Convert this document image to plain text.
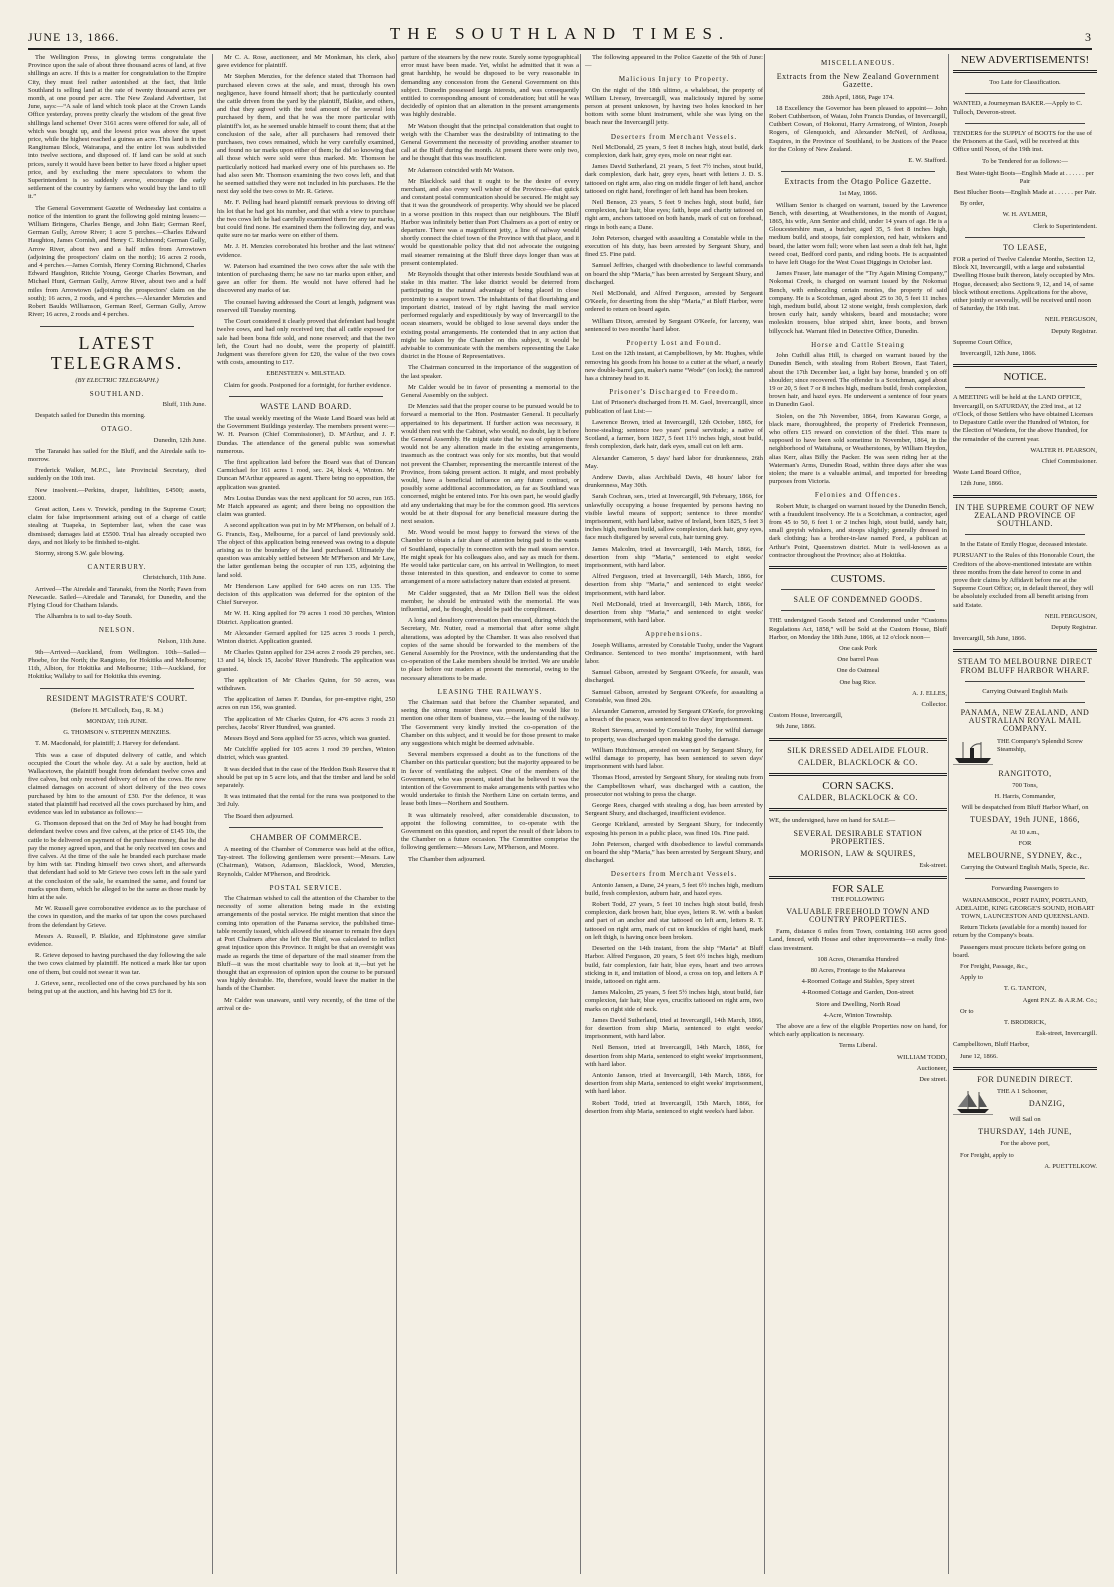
JUNE 13, 1866.	THE SOUTHLAND TIMES.	3

The Wellington Press, in glowing terms congratulate the Province upon the sale of about three thousand acres of land, at five shillings an acre. If this is a matter for congratulation to the Empire City, they must feel rather astonished at the fact, that little Southland is selling land at the rate of twenty thousand acres per month, at one pound per acre. The New Zealand Advertiser, 1st June, says:—“A sale of land which took place at the Crown Lands Office yesterday, proves pretty clearly the wisdom of the great five shillings land scheme! Over 3161 acres were offered for sale, all of which was bought up, and the lowest price was above the upset price, while the highest reached a guinea an acre. This land is in the Rangitumau Block, Wairarapa, and the entire lot was subdivided into twelve sections, and disposed of. If land can be sold at such prices, surely it would have been better to have fixed a higher upset price, and by excluding the mere speculators to whom the Superintendent is so suddenly averse, encourage the early settlement of the country by farmers who would buy the land to till it.”

The General Government Gazette of Wednesday last contains a notice of the intention to grant the following gold mining leases:—William Bringens, Charles Benge, and John Bair; German Reef, German Gully, Arrow River; 1 acre 5 perches.—Charles Edward Haughton, James Cornish, and Henry C. Richmond; German Gully, Arrow River, about two and a half miles from Arrowtown (adjoining the prospectors' claim on the north); 16 acres 2 roods, and 4 perches.—James Cornish, Henry Corning Richmond, Charles Edward Haughton, Ritchie Young, George Charles Bowman, and Michael Hunt, German Gully, Arrow River, about two and a half miles from Arrowtown (adjoining the prospectors' claim on the south); 16 acres, 2 roods, and 4 perches.—Alexander Menzies and Robert Baulds Williamson, German Reef, German Gully, Arrow River; 16 acres, 2 roods and 4 perches.

LATEST TELEGRAMS.
(BY ELECTRIC TELEGRAPH.)
SOUTHLAND.

Bluff, 11th June.

Despatch sailed for Dunedin this morning.

OTAGO.

Dunedin, 12th June.

The Taranaki has sailed for the Bluff, and the Airedale sails to-morrow.

Frederick Walker, M.P.C., late Provincial Secretary, died suddenly on the 10th inst.

New insolvent.—Perkins, draper, liabilities, £4500; assets, £2000.

Great action, Lees v. Trewick, pending in the Supreme Court; claim for false imprisonment arising out of a charge of cattle stealing at Tuapeka, in September last, when the case was dismissed; damages laid at £5500. Trial has already occupied two days, and not likely to be finished to-night.

Stormy, strong S.W. gale blowing.

CANTERBURY.

Christchurch, 11th June.

Arrived—The Airedale and Taranaki, from the North; Fawn from Newcastle. Sailed—Airedale and Taranaki, for Dunedin, and the Flying Cloud for Chatham Islands.

The Alhambra is to sail to-day South.

NELSON.

Nelson, 11th June.

9th—Arrived—Auckland, from Wellington. 10th—Sailed—Phoebe, for the North; the Rangitoto, for Hokitika and Melbourne; 11th, Albion, for Hokitika and Melbourne; 11th—Auckland, for Hokitika; Wallaby to sail for Hokitika this evening.

RESIDENT MAGISTRATE'S COURT.

(Before H. M'Culloch, Esq., R. M.)

MONDAY, 11th JUNE.

G. THOMSON v. STEPHEN MENZIES.

T. M. Macdonald, for plaintiff; J. Harvey for defendant.

This was a case of disputed delivery of cattle, and which occupied the Court the whole day. At a sale by auction, held at Wallacetown, the plaintiff bought from defendant twelve cows and five calves, but only received delivery of ten of the cows. He now claimed damages on account of short delivery of the two cows purchased by him to the amount of £30. For the defence, it was stated that plaintiff had received all the cows purchased by him, and evidence was led in substance as follows:—

G. Thomson deposed that on the 3rd of May he had bought from defendant twelve cows and five calves, at the price of £145 10s, the cattle to be delivered on payment of the purchase money, that he did pay the money agreed upon, and that he only received ten cows and five calves. At the time of the sale he branded each purchase made by him with tar. Finding himself two cows short, and afterwards that defendant had sold to Mr Grieve two cows left in the sale yard at the conclusion of the sale, he examined the same, and found tar marks upon them, which he alleged to be the same as those made by him at the sale.

Mr W. Russell gave corroborative evidence as to the purchase of the cows in question, and the marks of tar upon the cows purchased from the defendant by Grieve.

Messrs A. Russell, P. Blaikie, and Elphinstone gave similar evidence.

R. Grieve deposed to having purchased the day following the sale the two cows claimed by plaintiff. He noticed a mark like tar upon one of them, but could not swear it was tar.

J. Grieve, senr., recollected one of the cows purchased by his son being put up at the auction, and his having bid £5 for it.

Mr C. A. Rose, auctioneer, and Mr Monkman, his clerk, also gave evidence for plaintiff.

Mr Stephen Menzies, for the defence stated that Thomson had purchased eleven cows at the sale, and must, through his own negligence, have found himself short; that he particularly counted the cattle driven from the yard by the plaintiff, Blaikie, and others, and that they agreed with the total amount of the several lots purchased by them, and that he was the more particular with plaintiff's lot, as he seemed unable himself to count them; that at the conclusion of the sale, after all purchasers had removed their purchases, two cows remained, which he very carefully examined, and found no tar marks upon either of them; he did so knowing that all those which were sold were thus marked. Mr. Thomson he particularly noticed had marked every one of his purchases so. He had also seen Mr. Thomson examining the two cows left, and that he seemed satisfied they were not included in his purchases. He the next day sold the two cows to Mr. R. Grieve.

Mr. F. Pelling had heard plaintiff remark previous to driving off his lot that he had got his number, and that with a view to purchase the two cows left he had carefully examined them for any tar marks, but could find none. He examined them the following day, and was quite sure no tar marks were on either of them.

Mr. J. H. Menzies corroborated his brother and the last witness' evidence.

W. Paterson had examined the two cows after the sale with the intention of purchasing them; he saw no tar marks upon either, and gave an offer for them. He would not have offered had he discovered any marks of tar.

The counsel having addressed the Court at length, judgment was reserved till Tuesday morning.

The Court considered it clearly proved that defendant had bought twelve cows, and had only received ten; that all cattle exposed for sale had been bona fide sold, and none reserved; and that the two left, the Court had no doubt, were the property of plaintiff. Judgment was therefore given for £20, the value of the two cows with costs, amounting to £17.

EBENSTEEN v. MILSTEAD.

Claim for goods. Postponed for a fortnight, for further evidence.

WASTE LAND BOARD.

The usual weekly meeting of the Waste Land Board was held at the Government Buildings yesterday. The members present were:—W. H. Pearson (Chief Commissioner), D. M'Arthur, and J. F. Dundas. The attendance of the general public was somewhat numerous.

The first application laid before the Board was that of Duncan Carmichael for 161 acres 1 rood, sec. 24, block 4, Winton. Mr Duncan M'Arthur appeared as agent. There being no opposition, the application was granted.

Mrs Louisa Dundas was the next applicant for 50 acres, run 165. Mr Hatch appeared as agent; and there being no opposition the claim was granted.

A second application was put in by Mr M'Pherson, on behalf of J. G. Francis, Esq., Melbourne, for a parcel of land previously sold. The object of this application being renewed was owing to a dispute arising as to the boundary of the land purchased. Ultimately the question was amicably settled between Mr M'Pherson and Mr Law, the latter gentleman being the occupier of run 135, adjoining the land sold.

Mr Henderson Law applied for 640 acres on run 135. The decision of this application was deferred for the opinion of the Chief Surveyor.

Mr W. H. King applied for 79 acres 1 rood 30 perches, Winton District. Application granted.

Mr Alexander Gerrard applied for 125 acres 3 roods 1 perch, Winton district. Application granted.

Mr Charles Quinn applied for 234 acres 2 roods 29 perches, sec. 13 and 14, block 15, Jacobs' River Hundreds. The application was granted.

The application of Mr Charles Quinn, for 50 acres, was withdrawn.

The application of James F. Dundas, for pre-emptive right, 250 acres on run 156, was granted.

The application of Mr Charles Quinn, for 476 acres 3 roods 21 perches, Jacobs' River Hundred, was granted.

Messrs Boyd and Sons applied for 55 acres, which was granted.

Mr Cutcliffe applied for 105 acres 1 rood 39 perches, Winton district, which was granted.

It was decided that in the case of the Heddon Bush Reserve that it should be put up in 5 acre lots, and that the timber and land be sold separately.

It was intimated that the rental for the runs was postponed to the 3rd July.

The Board then adjourned.

CHAMBER OF COMMERCE.

A meeting of the Chamber of Commerce was held at the office, Tay-street. The following gentlemen were present:—Messrs. Law (Chairman), Watson, Adamson, Blacklock, Wood, Menzies, Reynolds, Calder M'Pherson, and Brodrick.

POSTAL SERVICE.

The Chairman wished to call the attention of the Chamber to the necessity of some alteration being made in the existing arrangements of the postal service. He might mention that since the coming into operation of the Panama service, the published time-table recently issued, which allowed the steamer to remain five days at Port Chalmers after she left the Bluff, was calculated to inflict great injustice upon this Province. It might be that an oversight was made as regards the time of departure of the mail steamer from the Bluff—it was the most charitable way to look at it,—but yet he thought that an expression of opinion upon the course to be pursued was highly desirable. He, therefore, would leave the matter in the hands of the Chamber.

Mr Calder was unaware, until very recently, of the time of the arrival or de-

parture of the steamers by the new route. Surely some typographical error must have been made. Yet, whilst he admitted that it was a great hardship, he would be disposed to be very reasonable in demanding any concession from the General Government on this subject. Dunedin possessed large interests, and was consequently entitled to corresponding amount of consideration; but still he was decidedly of opinion that an alteration in the present arrangements was highly desirable.

Mr Watson thought that the principal consideration that ought to weigh with the Chamber was the desirability of intimating to the General Government the necessity of providing another steamer to call at the Bluff during the month. At present there were only two, and he thought that this was insufficient.

Mr Adamson coincided with Mr Watson.

Mr Blacklock said that it ought to be the desire of every merchant, and also every well wisher of the Province—that quick and constant postal communication should be secured. He might say that it was the groundwork of prosperity. Why should we be placed in a worse position in this respect than our neighbours. The Bluff Harbor was infinitely better than Port Chalmers as a port of entry or departure. There was a magnificent jetty, a line of railway would shortly connect the chief town of the Province with that place, and it would be questionable policy that did not advocate the outgoing mail steamer remaining at the Bluff three days longer than was at present contemplated.

Mr Reynolds thought that other interests beside Southland was at stake in this matter. The lake district would be deterred from participating in the natural advantage of being placed in close proximity to a seaport town. The inhabitants of that flourishing and important district, instead of by right having the mail service performed regularly and expeditiously by way of Invercargill to the ocean steamers, would be obliged to lose several days under the existing postal arrangements. He contended that in any action that might be taken by the Chamber on this subject, it would be advisable to communicate with the members representing the Lake district in the House of Representatives.

The Chairman concurred in the importance of the suggestion of the last speaker.

Mr Calder would be in favor of presenting a memorial to the General Assembly on the subject.

Dr Menzies said that the proper course to be pursued would be to forward a memorial to the Hon. Postmaster General. It peculiarly appertained to his department. If further action was necessary, it would then rest with the Cabinet, who would, no doubt, lay it before the General Assembly. He might state that he was of opinion there would not be any alteration made in the existing arrangements, inasmuch as the contract was only for six months, but that would not prevent the Chamber, representing the mercantile interest of the Province, from taking present action. It might, and most probably would, have a beneficial influence on any future contract, or possibly some additional accommodation, as far as Southland was concerned, might be entered into. For his own part, he would gladly aid any undertaking that may be for the common good. His services would be at their disposal for any beneficial measure during the next session.

Mr. Wood would be most happy to forward the views of the Chamber to obtain a fair share of attention being paid to the wants of Southland, especially in connection with the mail steam service. He might speak for his colleagues also, and say as much for them. He would take particular care, on his arrival in Wellington, to meet those interested in this question, and endeavor to come to some arrangement of a more satisfactory nature than existed at present.

Mr Calder suggested, that as Mr Dillon Bell was the oldest member, he should be entrusted with the memorial. He was influential, and, he thought, should be paid the compliment.

A long and desultory conversation then ensued, during which the Secretary, Mr. Nutter, read a memorial that after some slight alterations, was adopted by the Chamber. It was also resolved that copies of the same should be forwarded to the members of the General Assembly for the Province, with the understanding that the co-operation of the Lake members should be invited. We are unable to place before our readers at present the memorial, owing to the necessary alterations to be made.

LEASING THE RAILWAYS.

The Chairman said that before the Chamber separated, and seeing the strong muster there was present, he would like to mention one other item of business, viz.—the leasing of the railway. The Government very kindly invited the co-operation of the Chamber on this subject, and it would be for those present to make any suggestions which might be deemed advisable.

Several members expressed a doubt as to the functions of the Chamber on this particular question; but the majority appeared to be in favor of ventilating the subject. One of the members of the Government, who was present, stated that he believed it was the intention of the Government to make arrangements with parties who would undertake to finish the Northern Line on certain terms, and lease both lines—Northern and Southern.

It was ultimately resolved, after considerable discussion, to appoint the following committee, to co-operate with the Government on this question, and report the result of their labors to the Chamber on a future occasion. The Committee comprise the following gentlemen:—Messrs Law, M'Pherson, and Moore.

The Chamber then adjourned.

The following appeared in the Police Gazette of the 9th of June:—

Malicious Injury to Property.

On the night of the 18th ultimo, a whaleboat, the property of William Livesey, Invercargill, was maliciously injured by some person at present unknown, by having two holes knocked in her bottom with some blunt instrument, while she was lying on the beach near the Invercargill jetty.

Deserters from Merchant Vessels.

Neil McDonald, 25 years, 5 feet 8 inches high, stout build, dark complexion, dark hair, grey eyes, mole on near right ear.

James David Sutherland, 21 years, 5 feet 7½ inches, stout build, dark complexion, dark hair, grey eyes, heart with letters J. D. S. tattooed on right arm, also ring on middle finger of left hand, anchor tattooed on right hand, forefinger of left hand has been broken.

Neil Benson, 23 years, 5 feet 9 inches high, stout build, fair complexion, fair hair, blue eyes; faith, hope and charity tattooed on right arm, anchors tattooed on both hands, mark of cut on forehead, rings in both ears; a Dane.

John Peterson, charged with assaulting a Constable while in the execution of his duty, has been arrested by Sergeant Shury, and fined £5. Fine paid.

Samuel Jeffries, charged with disobedience to lawful commands on board the ship “Maria,” has been arrested by Sergeant Shury, and discharged.

Neil McDonald, and Alfred Ferguson, arrested by Sergeant O'Keefe, for deserting from the ship “Maria,” at Bluff Harbor, were ordered to return on board again.

William Dixon, arrested by Sergeant O'Keefe, for larceny, was sentenced to two months' hard labor.

Property Lost and Found.

Lost on the 12th instant, at Campbelltown, by Mr. Hughes, while removing his goods from his house to a cutter at the wharf, a nearly new double-barrel gun, maker's name “Wode” (on lock); the ramrod has a chimney head to it.

Prisoner's Discharged to Freedom.

List of Prisoner's discharged from H. M. Gaol, Invercargill, since publication of last List:—

Lawrence Brown, tried at Invercargill, 12th October, 1865, for horse-stealing; sentence two years' penal servitude; a native of Scotland, a farmer, born 1827, 5 feet 11½ inches high, stout build, fresh complexion, dark hair, dark eyes, small cut on left arm.

Alexander Cameron, 5 days' hard labor for drunkenness, 26th May.

Andrew Davis, alias Archibald Davis, 48 hours' labor for drunkenness, May 30th.

Sarah Cochran, sen., tried at Invercargill, 9th February, 1866, for unlawfully occupying a house frequented by persons having no visible lawful means of support; sentence to three months' imprisonment, with hard labor, native of Ireland, born 1825, 5 feet 3 inches high, medium build, sallow complexion, dark hair, grey eyes, face much disfigured by several cuts, hair turning grey.

James Malcolm, tried at Invercargill, 14th March, 1866, for desertion from ship “Maria,” sentenced to eight weeks' imprisonment, with hard labor.

Alfred Ferguson, tried at Invercargill, 14th March, 1866, for desertion from ship “Maria,” and sentenced to eight weeks' imprisonment, with hard labor.

Neil McDonald, tried at Invercargill, 14th March, 1866, for desertion from ship “Maria,” and sentenced to eight weeks' imprisonment, with hard labor.

Apprehensions.

Joseph Williams, arrested by Constable Tuohy, under the Vagrant Ordinance. Sentenced to two months' imprisonment, with hard labor.

Samuel Gibson, arrested by Sergeant O'Keefe, for assault, was discharged.

Samuel Gibson, arrested by Sergeant O'Keefe, for assaulting a Constable, was fined 20s.

Alexander Cameron, arrested by Sergeant O'Keefe, for provoking a breach of the peace, was sentenced to five days' imprisonment.

Robert Stevens, arrested by Constable Tuohy, for wilful damage to property, was discharged upon making good the damage.

William Hutchinson, arrested on warrant by Sergeant Shury, for wilful damage to property, has been sentenced to seven days' imprisonment with hard labor.

Thomas Hood, arrested by Sergeant Shury, for stealing nuts from the Campbelltown wharf, was discharged with a caution, the prosecutor not wishing to press the charge.

George Rees, charged with stealing a dog, has been arrested by Sergeant Shury, and discharged, insufficient evidence.

George Kirkland, arrested by Sergeant Shury, for indecently exposing his person in a public place, was fined 10s. Fine paid.

John Peterson, charged with disobedience to lawful commands on board the ship “Maria,” has been arrested by Sergeant Shury, and discharged.

Deserters from Merchant Vessels.

Antonio Jansen, a Dane, 24 years, 5 feet 6½ inches high, medium build, fresh complexion, auburn hair, and hazel eyes.

Robert Todd, 27 years, 5 feet 10 inches high stout build, fresh complexion, dark brown hair, blue eyes, letters R. W. with a basket and part of an anchor and star tattooed on left arm, letters R. T. tattooed on right arm, mark of cut on knuckles of right hand, mark on left thigh, is having once been broken.

Deserted on the 14th instant, from the ship “Maria” at Bluff Harbor. Alfred Ferguson, 20 years, 5 feet 6½ inches high, medium build, fair complexion, fair hair, blue eyes, heart and two arrows sticking in it, and imitation of blood, a cross on top, and letters A F inside, tattooed on right arm.

James Malcolm, 25 years, 5 feet 5½ inches high, stout build, fair complexion, fair hair, blue eyes, crucifix tattooed on right arm, two marks on right side of neck.

James David Sutherland, tried at Invercargill, 14th March, 1866, for desertion from ship Maria, sentenced to eight weeks' imprisonment, with hard labor.

Neil Benson, tried at Invercargill, 14th March, 1866, for desertion from ship Maria, sentenced to eight weeks' imprisonment, with hard labor.

Antonio Janson, tried at Invercargill, 14th March, 1866, for desertion from ship Maria, sentenced to eight weeks' imprisonment, with hard labor.

Robert Todd, tried at Invercargill, 15th March, 1866, for desertion from ship Maria, sentenced to eight weeks's hard labor.

MISCELLANEOUS.
Extracts from the New Zealand Government Gazette.

28th April, 1866, Page 174.

18 Excellency the Governor has been pleased to appoint— John Robert Cuthbertson, of Waiau, John Francis Dundas, of Invercargill, Cuthbert Cowan, of Hokonui, Harry Armstrong, of Winton, Joseph Rogers, of Glenquoich, and Alexander McNeil, of Ardlussa, Esquires, in the Province of Southland, to be Justices of the Peace for the Colony of New Zealand.

E. W. Stafford.

Extracts from the Otago Police Gazette.

1st May, 1866.

William Senior is charged on warrant, issued by the Lawrence Bench, with deserting, at Weatherstones, in the month of August, 1865, his wife, Ann Senior and child, under 14 years of age. He is a Gloucestershire man, a butcher, aged 35, 5 feet 8 inches high, medium build, and stoops, fair complexion, red hair, whiskers and beard, the latter worn full; wore when last seen a drab felt hat, light tweed coat, Bedford cord pants, and riding boots. He is acquainted to have left Otago for the West Coast Diggings in October last.

James Fraser, late manager of the “Try Again Mining Company,” Nokomai Creek, is charged on warrant issued by the Nokomai Bench, with embezzling certain monies, the property of said company. He is a Scotchman, aged about 25 to 30, 5 feet 11 inches high, medium build, about 12 stone weight, fresh complexion, dark brown curly hair, sandy whiskers, beard and moustache; wore moleskin trousers, blue striped shirt, knee boots, and brown billycock hat. Warrant filed in Detective Office, Dunedin.

Horse and Cattle Steaing

John Cuthill alias Hill, is charged on warrant issued by the Dunedin Bench, with stealing from Robert Brown, East Taieri, about the 17th December last, a light bay horse, branded ʒ on off shoulder; since recovered. The offender is a Scotchman, aged about 19 or 20, 5 feet 7 or 8 inches high, medium build, fresh complexion, brown hair, and hazel eyes. He underwent a sentence of four years in Dunedin Gaol.

Stolen, on the 7th November, 1864, from Kawarau Gorge, a black mare, thoroughbred, the property of Frederick Frenneson, who offers £15 reward on conviction of the thief. This mare is supposed to have been sold sometime in November, 1864, in the neighborhood of Waitahuna, or Weatherstones, by William Heydon, alias Kerr, alias Billy the Packer. He was seen riding her at the Waterman's Arms, Dunedin Road, within three days after she was stolen; the mare is a valuable animal, and imported for breeding purposes from Victoria.

Felonies and Offences.

Robert Muir, is charged on warrant issued by the Dunedin Bench, with a fraudulent insolvency. He is a Scotchman, a contractor, aged from 45 to 50, 6 feet 1 or 2 inches high, stout build, sandy hair, small greyish whiskers, and stoops slightly; generally dressed in dark clothing; has a brother-in-law named Ford, a publican at Arthur's Point, Queenstown district. Muir is well-known as a contractor throughout the Province; also at Hokitika.

CUSTOMS.
SALE OF CONDEMNED GOODS.

THE undersigned Goods Seized and Condemned under “Customs Regulations Act, 1858,” will be Sold at the Custom House, Bluff Harbor, on Monday the 18th June, 1866, at 12 o'clock noon—

One cask Pork

One barrel Peas

One do Oatmeal

One bag Rice.

A. J. ELLES,

Collector.

Custom House, Invercargill,

9th June, 1866.

SILK DRESSED ADELAIDE FLOUR.
CALDER, BLACKLOCK & CO.
CORN SACKS.
CALDER, BLACKLOCK & CO.

WE, the undersigned, have on hand for SALE—

SEVERAL DESIRABLE STATION PROPERTIES.
MORISON, LAW & SQUIRES,

Esk-street.

FOR SALE

THE FOLLOWING

VALUABLE FREEHOLD TOWN AND COUNTRY PROPERTIES.

Farm, distance 6 miles from Town, containing 160 acres good Land, fenced, with House and other improvements—a really first-class investment.

108 Acres, Oteramika Hundred

80 Acres, Frontage to the Makarewa

4-Roomed Cottage and Stables, Spey street

4-Roomed Cottage and Garden, Don-street

Store and Dwelling, North Road

4-Acre, Winton Township.

The above are a few of the eligible Properties now on hand, for which early application is necessary.

Terms Liberal.

WILLIAM TODD,

Auctioneer,

Dee street.

NEW ADVERTISEMENTS!

Too Late for Classification.

WANTED, a Journeyman BAKER.—Apply to C. Tulloch, Deveron-street.

TENDERS for the SUPPLY of BOOTS for the use of the Prisoners at the Gaol, will be received at this Office until Noon, of the 19th inst.

To be Tendered for as follows:—

Best Water-tight Boots—English Made at . . . . . . per Pair

Best Blucher Boots—English Made at . . . . . . per Pair.

By order,

W. H. AYLMER,

Clerk to Superintendent.

TO LEASE,

FOR a period of Twelve Calendar Months, Section 12, Block XI, Invercargill, with a large and substantial Dwelling House built thereon, lately occupied by Mrs. Hogue, deceased; also Sections 9, 12, and 14, of same block without erections. Applications for the above, either jointly or severally, will be received until noon of Saturday, the 16th inst.

NEIL FERGUSON,

Deputy Registrar.

Supreme Court Office,

Invercargill, 12th June, 1866.

NOTICE.

A MEETING will be held at the LAND OFFICE, Invercargill, on SATURDAY, the 23rd inst., at 12 o'Clock, of those Settlers who have obtained Licenses to Depasture Cattle over the Hundred of Winton, for the Election of Wardens, for the above Hundred, for the remainder of the current year.

WALTER H. PEARSON,

Chief Commissioner.

Waste Land Board Office,

12th June, 1866.

IN THE SUPREME COURT OF NEW ZEALAND PROVINCE OF SOUTHLAND.

In the Estate of Emily Hogue, deceased intestate.

PURSUANT to the Rules of this Honorable Court, the Creditors of the above-mentioned intestate are within three months from the date hereof to come in and prove their claims by Affidavit before me at the Supreme Court Office; or, in default thereof, they will be absolutely excluded from all benefit arising from said Estate.

NEIL FERGUSON,

Deputy Registrar.

Invercargill, 5th June, 1866.

STEAM TO MELBOURNE DIRECT FROM BLUFF HARBOR WHARF.

Carrying Outward English Mails

PANAMA, NEW ZEALAND, AND AUSTRALIAN ROYAL MAIL COMPANY.

THE Company's Splendid Screw Steamship,

RANGITOTO,

700 Tons,

H. Harris, Commander,

Will be despatched from Bluff Harbor Wharf, on

TUESDAY, 19th JUNE, 1866,

At 10 a.m.,

FOR

MELBOURNE, SYDNEY, &c.,

Carrying the Outward English Mails, Specie, &c.

Forwarding Passengers to

WARNAMBOOL, PORT FAIRY, PORTLAND, ADELAIDE, KING GEORGE'S SOUND, HOBART TOWN, LAUNCESTON AND QUEENSLAND.

Return Tickets (available for a month) issued for return by the Company's boats.

Passengers must procure tickets before going on board.

For Freight, Passage, &c.,

Apply to

T. G. TANTON,

Agent P.N.Z. & A.R.M. Co.;

Or to

T. BRODRICK,

Esk-street, Invercargill.

Campbelltown, Bluff Harbor,

June 12, 1866.

FOR DUNEDIN DIRECT.

THE A 1 Schooner,

DANZIG,

Will Sail on

THURSDAY, 14th JUNE,

For the above port,

For Freight, apply to

A. PUETTELKOW.
